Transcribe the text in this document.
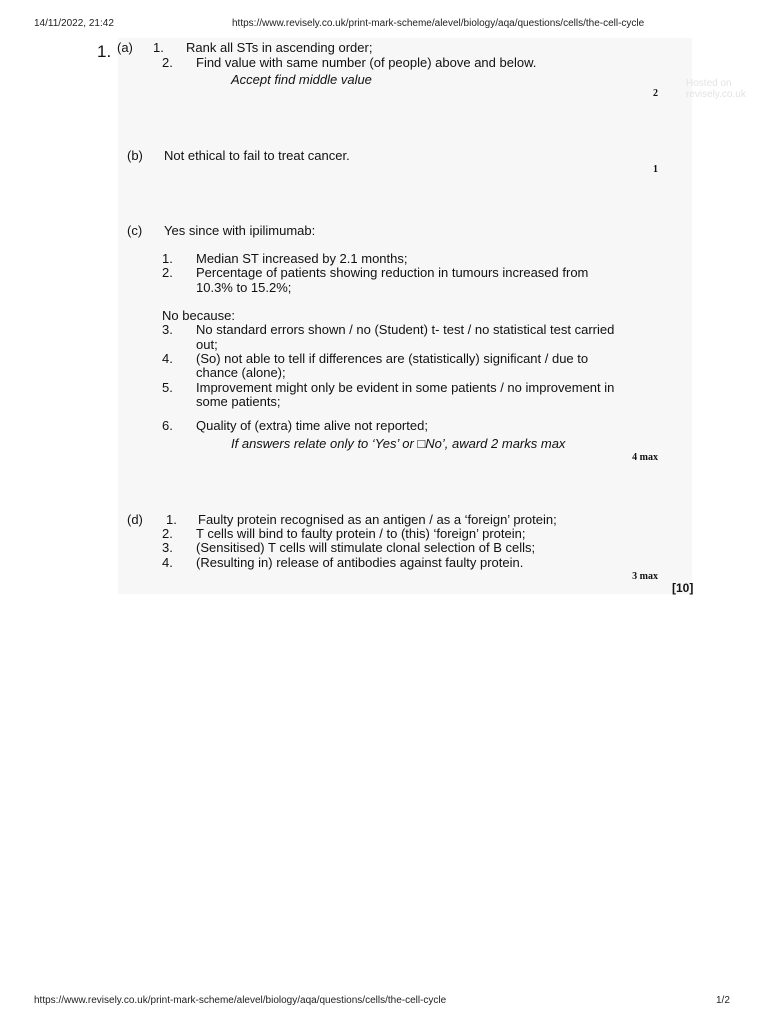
14/11/2022, 21:42	https://www.revisely.co.uk/print-mark-scheme/alevel/biology/aqa/questions/cells/the-cell-cycle
Hosted on revisely.co.uk
1. (a) 1. Rank all STs in ascending order;
2. Find value with same number (of people) above and below.
Accept find middle value
2
(b) Not ethical to fail to treat cancer.
1
(c) Yes since with ipilimumab:
1. Median ST increased by 2.1 months;
2. Percentage of patients showing reduction in tumours increased from
10.3% to 15.2%;
No because:
3. No standard errors shown / no (Student) t- test / no statistical test carried
out;
4. (So) not able to tell if differences are (statistically) significant / due to
chance (alone);
5. Improvement might only be evident in some patients / no improvement in
some patients;
6. Quality of (extra) time alive not reported;
If answers relate only to ‘Yes’ or □No’, award 2 marks max
4 max
(d) 1. Faulty protein recognised as an antigen / as a ‘foreign’ protein;
2. T cells will bind to faulty protein / to (this) ‘foreign’ protein;
3. (Sensitised) T cells will stimulate clonal selection of B cells;
4. (Resulting in) release of antibodies against faulty protein.
3 max
[10]
https://www.revisely.co.uk/print-mark-scheme/alevel/biology/aqa/questions/cells/the-cell-cycle	1/2
